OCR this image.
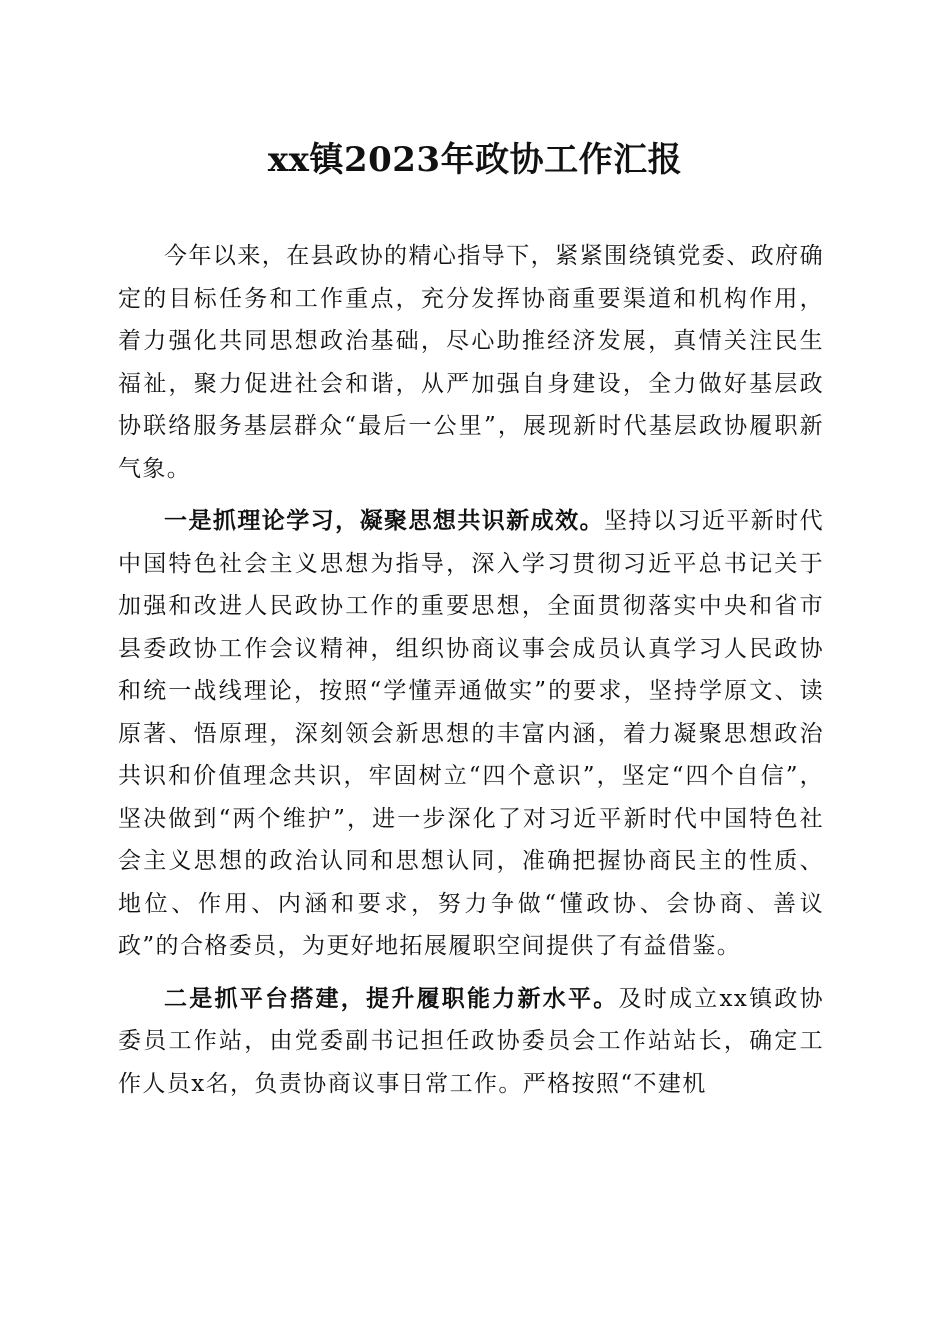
xx镇2023年政协工作汇报

今年以来，在县政协的精心指导下，紧紧围绕镇党委、政府确定的目标任务和工作重点，充分发挥协商重要渠道和机构作用，着力强化共同思想政治基础，尽心助推经济发展，真情关注民生福祉，聚力促进社会和谐，从严加强自身建设，全力做好基层政协联络服务基层群众“最后一公里”，展现新时代基层政协履职新气象。

一是抓理论学习，凝聚思想共识新成效。坚持以习近平新时代中国特色社会主义思想为指导，深入学习贯彻习近平总书记关于加强和改进人民政协工作的重要思想，全面贯彻落实中央和省市县委政协工作会议精神，组织协商议事会成员认真学习人民政协和统一战线理论，按照“学懂弄通做实”的要求，坚持学原文、读原著、悟原理，深刻领会新思想的丰富内涵，着力凝聚思想政治共识和价值理念共识，牢固树立“四个意识”，坚定“四个自信”，坚决做到“两个维护”，进一步深化了对习近平新时代中国特色社会主义思想的政治认同和思想认同，准确把握协商民主的性质、地位、作用、内涵和要求，努力争做“懂政协、会协商、善议政”的合格委员，为更好地拓展履职空间提供了有益借鉴。

二是抓平台搭建，提升履职能力新水平。及时成立xx镇政协委员工作站，由党委副书记担任政协委员会工作站站长，确定工作人员x名，负责协商议事日常工作。严格按照“不建机
